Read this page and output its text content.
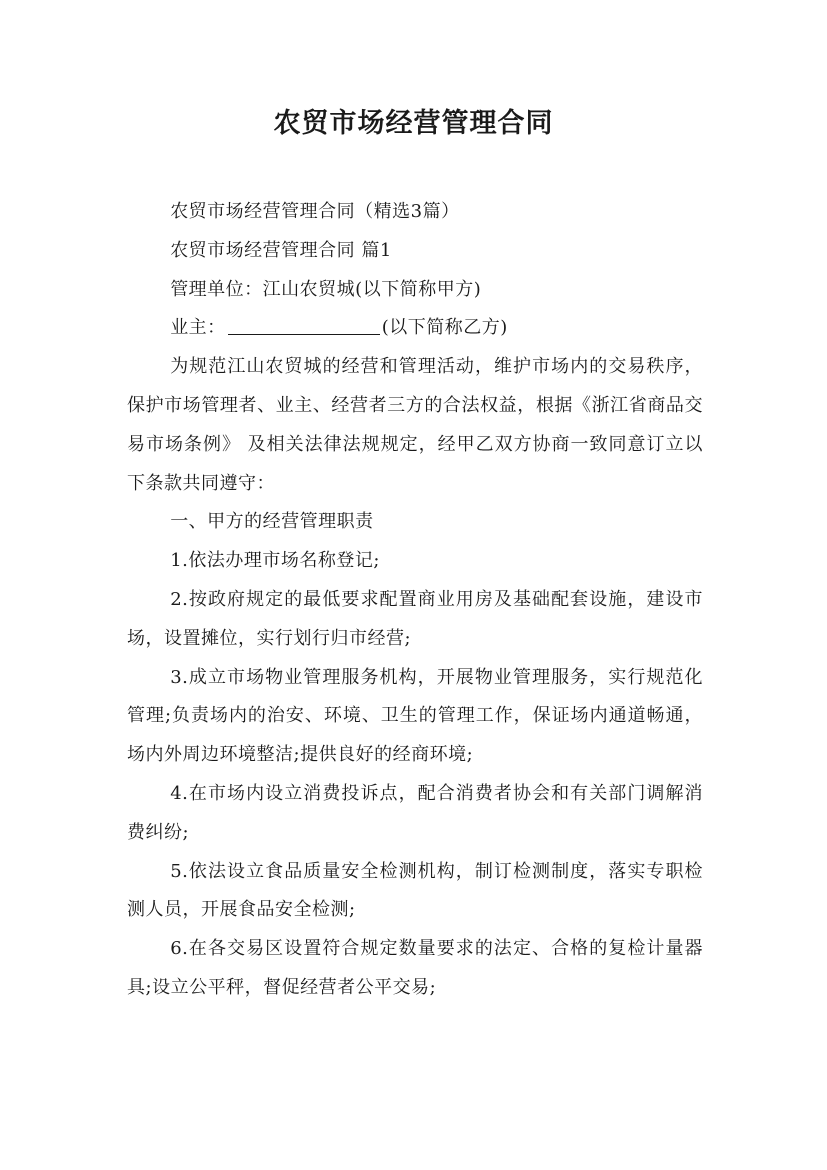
农贸市场经营管理合同

农贸市场经营管理合同（精选3篇）

农贸市场经营管理合同 篇1

管理单位：江山农贸城(以下简称甲方)

业主：	(以下简称乙方)

为规范江山农贸城的经营和管理活动，维护市场内的交易秩序，保护市场管理者、业主、经营者三方的合法权益，根据《浙江省商品交易市场条例》 及相关法律法规规定，经甲乙双方协商一致同意订立以下条款共同遵守：

一、甲方的经营管理职责

1.依法办理市场名称登记;

2.按政府规定的最低要求配置商业用房及基础配套设施，建设市场，设置摊位，实行划行归市经营;

3.成立市场物业管理服务机构，开展物业管理服务，实行规范化管理;负责场内的治安、环境、卫生的管理工作，保证场内通道畅通，场内外周边环境整洁;提供良好的经商环境;

4.在市场内设立消费投诉点，配合消费者协会和有关部门调解消费纠纷;

5.依法设立食品质量安全检测机构，制订检测制度，落实专职检测人员，开展食品安全检测;

6.在各交易区设置符合规定数量要求的法定、合格的复检计量器具;设立公平秤，督促经营者公平交易;
